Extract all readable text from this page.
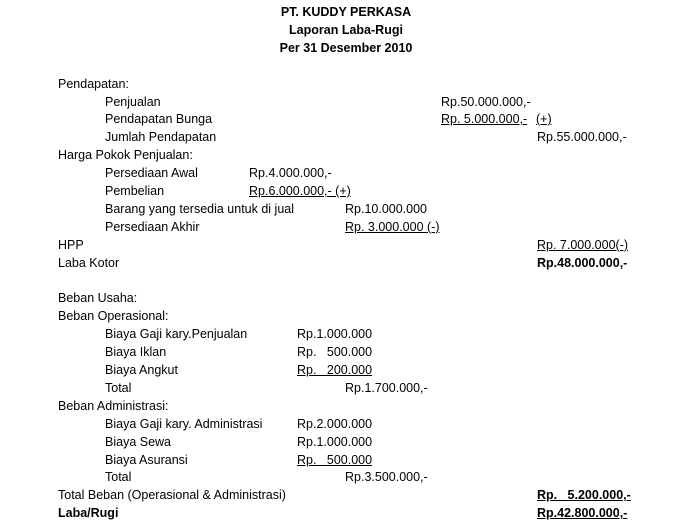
PT. KUDDY PERKASA
Laporan Laba-Rugi
Per 31 Desember 2010
Pendapatan:
Penjualan	Rp.50.000.000,-
Pendapatan Bunga	Rp. 5.000.000,- (+)
Jumlah Pendapatan	Rp.55.000.000,-
Harga Pokok Penjualan:
Persediaan Awal	Rp.4.000.000,-
Pembelian	Rp.6.000.000,- (+)
Barang yang tersedia untuk di jual	Rp.10.000.000
Persediaan Akhir	Rp. 3.000.000 (-)
HPP	Rp. 7.000.000(-)
Laba Kotor	Rp.48.000.000,-
Beban Usaha:
Beban Operasional:
Biaya Gaji kary.Penjualan	Rp.1.000.000
Biaya Iklan	Rp.   500.000
Biaya Angkut	Rp.   200.000
Total	Rp.1.700.000,-
Beban Administrasi:
Biaya Gaji kary. Administrasi	Rp.2.000.000
Biaya Sewa	Rp.1.000.000
Biaya Asuransi	Rp.   500.000
Total	Rp.3.500.000,-
Total Beban (Operasional & Administrasi)	Rp.   5.200.000,-
Laba/Rugi	Rp.42.800.000,-
